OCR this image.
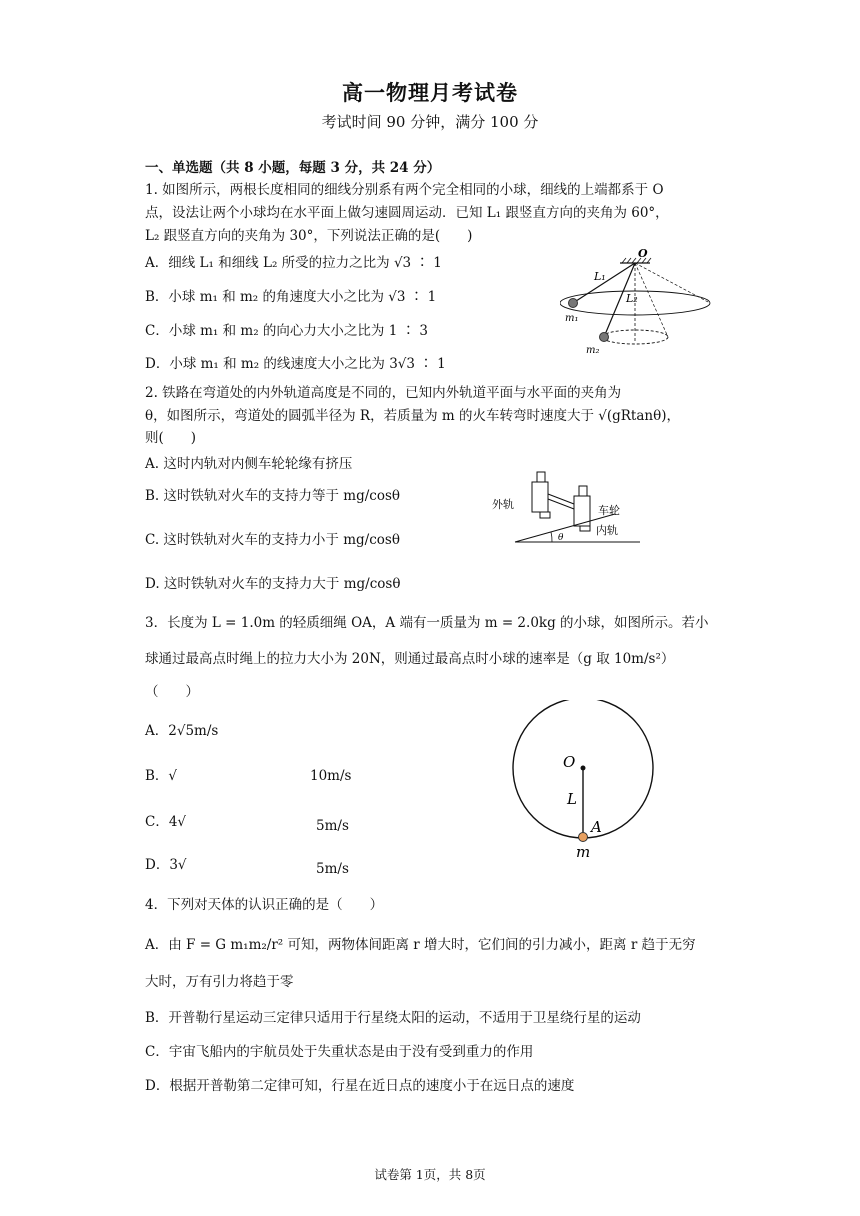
高一物理月考试卷
考试时间 90 分钟，满分 100 分
一、单选题（共 8 小题，每题 3 分，共 24 分）
1. 如图所示，两根长度相同的细线分别系有两个完全相同的小球，细线的上端都系于 O
点，设法让两个小球均在水平面上做匀速圆周运动．已知 L₁ 跟竖直方向的夹角为 60°，
L₂ 跟竖直方向的夹角为 30°，下列说法正确的是(　　)
A．细线 L₁ 和细线 L₂ 所受的拉力之比为 √3 ∶ 1
B．小球 m₁ 和 m₂ 的角速度大小之比为 √3 ∶ 1
C．小球 m₁ 和 m₂ 的向心力大小之比为 1 ∶ 3
D．小球 m₁ 和 m₂ 的线速度大小之比为 3√3 ∶ 1
O
L₁
L₂
m₁
m₂
2. 铁路在弯道处的内外轨道高度是不同的，已知内外轨道平面与水平面的夹角为
θ，如图所示，弯道处的圆弧半径为 R，若质量为 m 的火车转弯时速度大于 √(gRtanθ)，
则(　　)
A. 这时内轨对内侧车轮轮缘有挤压
B. 这时铁轨对火车的支持力等于 mg/cosθ
C. 这时铁轨对火车的支持力小于 mg/cosθ
D. 这时铁轨对火车的支持力大于 mg/cosθ
外轨	车轮
内轨
θ
3．长度为 L = 1.0m 的轻质细绳 OA，A 端有一质量为 m = 2.0kg 的小球，如图所示。若小
球通过最高点时绳上的拉力大小为 20N，则通过最高点时小球的速率是（g 取 10m/s²）
（　　）
A．2√5m/s
B．√	10m/s
C．4√	5m/s
D．3√	5m/s
O
L
A
m
4．下列对天体的认识正确的是（　　）
A．由 F = G m₁m₂/r² 可知，两物体间距离 r 增大时，它们间的引力减小，距离 r 趋于无穷
大时，万有引力将趋于零
B．开普勒行星运动三定律只适用于行星绕太阳的运动，不适用于卫星绕行星的运动
C．宇宙飞船内的宇航员处于失重状态是由于没有受到重力的作用
D．根据开普勒第二定律可知，行星在近日点的速度小于在远日点的速度
试卷第 1页，共 8页
